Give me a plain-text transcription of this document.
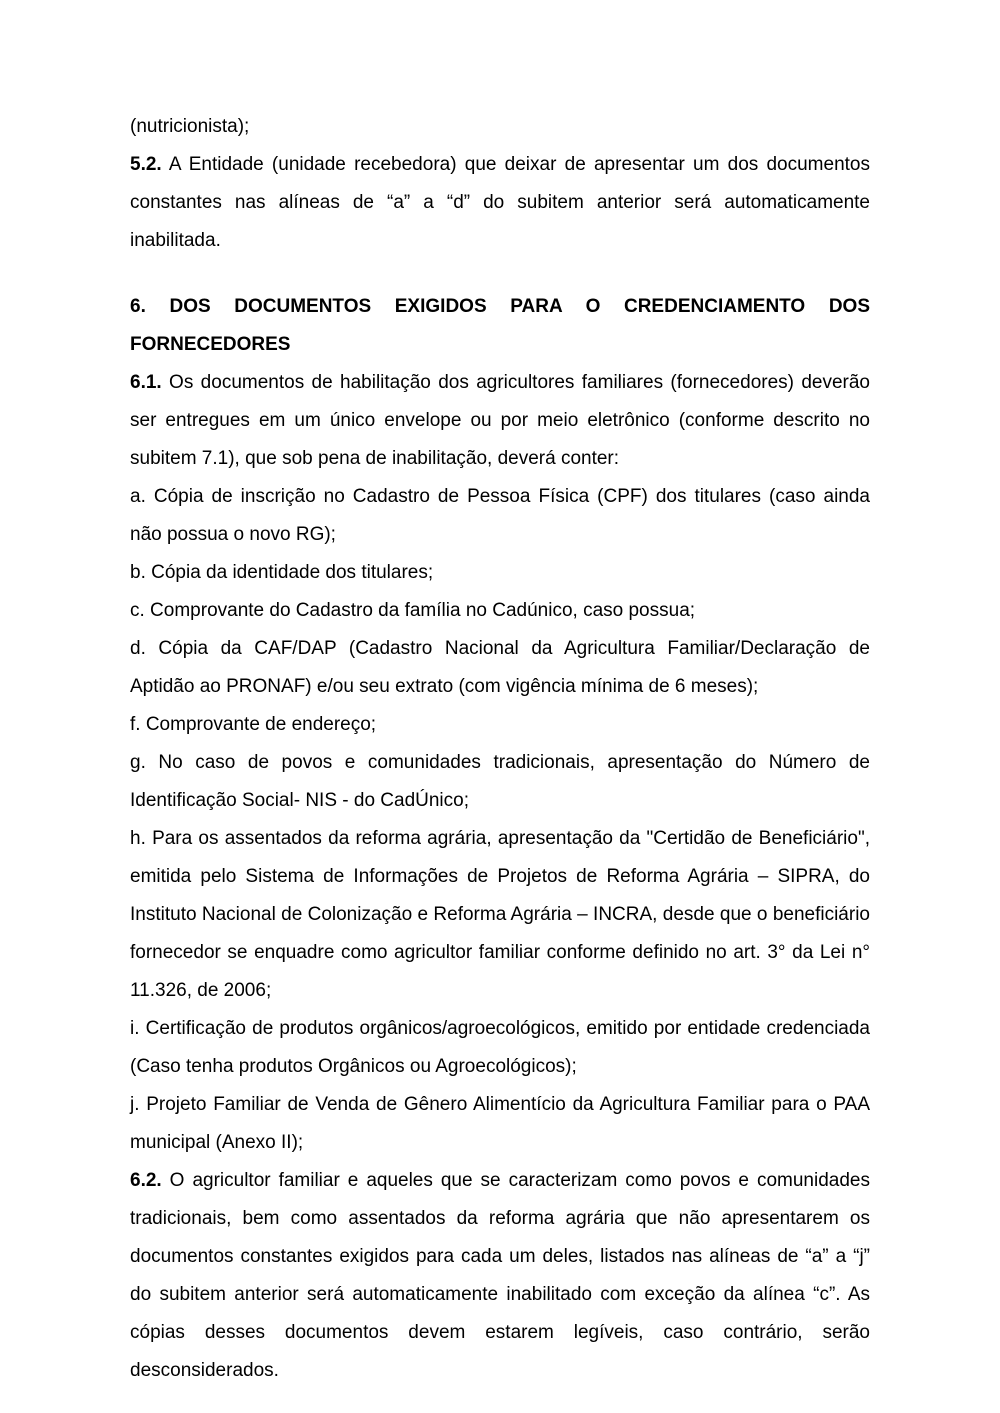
(nutricionista);

5.2. A Entidade (unidade recebedora) que deixar de apresentar um dos documentos constantes nas alíneas de “a” a “d” do subitem anterior será automaticamente inabilitada.

6. DOS DOCUMENTOS EXIGIDOS PARA O CREDENCIAMENTO DOS FORNECEDORES

6.1. Os documentos de habilitação dos agricultores familiares (fornecedores) deverão ser entregues em um único envelope ou por meio eletrônico (conforme descrito no subitem 7.1), que sob pena de inabilitação, deverá conter:

a. Cópia de inscrição no Cadastro de Pessoa Física (CPF) dos titulares (caso ainda não possua o novo RG);

b. Cópia da identidade dos titulares;

c. Comprovante do Cadastro da família no Cadúnico, caso possua;

d. Cópia da CAF/DAP (Cadastro Nacional da Agricultura Familiar/Declaração de Aptidão ao PRONAF) e/ou seu extrato (com vigência mínima de 6 meses);

f. Comprovante de endereço;

g. No caso de povos e comunidades tradicionais, apresentação do Número de Identificação Social- NIS - do CadÚnico;

h. Para os assentados da reforma agrária, apresentação da "Certidão de Beneficiário", emitida pelo Sistema de Informações de Projetos de Reforma Agrária – SIPRA, do Instituto Nacional de Colonização e Reforma Agrária – INCRA, desde que o beneficiário fornecedor se enquadre como agricultor familiar conforme definido no art. 3° da Lei n° 11.326, de 2006;

i. Certificação de produtos orgânicos/agroecológicos, emitido por entidade credenciada (Caso tenha produtos Orgânicos ou Agroecológicos);

j. Projeto Familiar de Venda de Gênero Alimentício da Agricultura Familiar para o PAA municipal (Anexo II);

6.2. O agricultor familiar e aqueles que se caracterizam como povos e comunidades tradicionais, bem como assentados da reforma agrária que não apresentarem os documentos constantes exigidos para cada um deles, listados nas alíneas de “a” a “j” do subitem anterior será automaticamente inabilitado com exceção da alínea “c”. As cópias desses documentos devem estarem legíveis, caso contrário, serão desconsiderados.
